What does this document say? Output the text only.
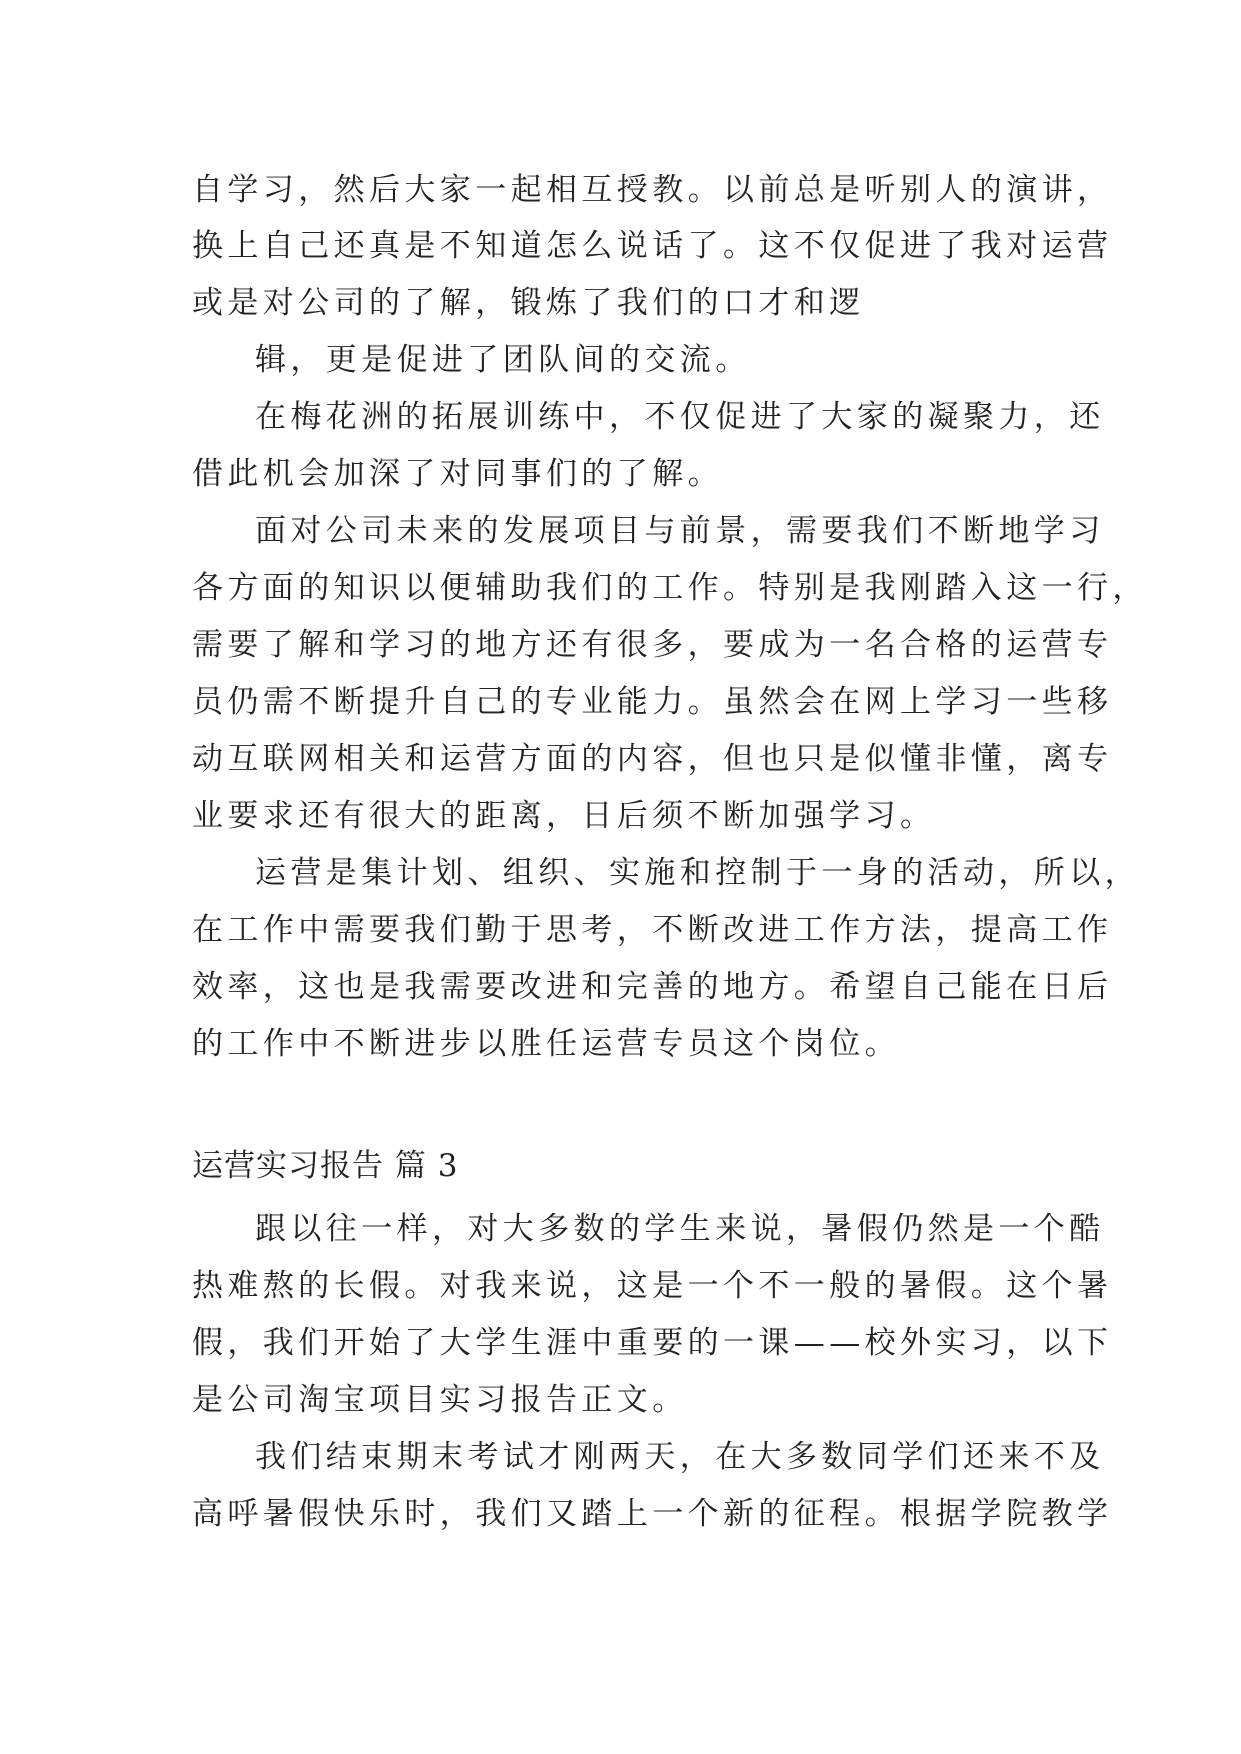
自学习，然后大家一起相互授教。以前总是听别人的演讲，
换上自己还真是不知道怎么说话了。这不仅促进了我对运营
或是对公司的了解，锻炼了我们的口才和逻
辑，更是促进了团队间的交流。
在梅花洲的拓展训练中，不仅促进了大家的凝聚力，还
借此机会加深了对同事们的了解。
面对公司未来的发展项目与前景，需要我们不断地学习
各方面的知识以便辅助我们的工作。特别是我刚踏入这一行，
需要了解和学习的地方还有很多，要成为一名合格的运营专
员仍需不断提升自己的专业能力。虽然会在网上学习一些移
动互联网相关和运营方面的内容，但也只是似懂非懂，离专
业要求还有很大的距离，日后须不断加强学习。
运营是集计划、组织、实施和控制于一身的活动，所以，
在工作中需要我们勤于思考，不断改进工作方法，提高工作
效率，这也是我需要改进和完善的地方。希望自己能在日后
的工作中不断进步以胜任运营专员这个岗位。
运营实习报告 篇 3
跟以往一样，对大多数的学生来说，暑假仍然是一个酷
热难熬的长假。对我来说，这是一个不一般的暑假。这个暑
假，我们开始了大学生涯中重要的一课——校外实习，以下
是公司淘宝项目实习报告正文。
我们结束期末考试才刚两天，在大多数同学们还来不及
高呼暑假快乐时，我们又踏上一个新的征程。根据学院教学
